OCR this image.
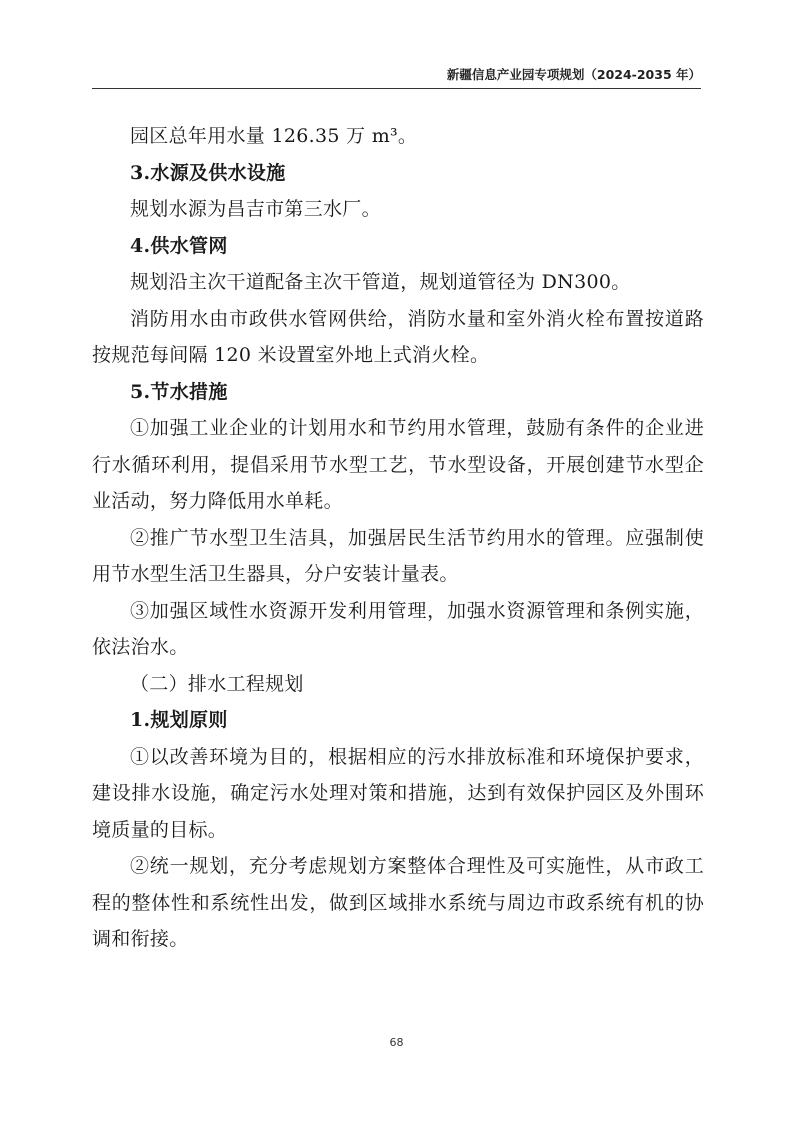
新疆信息产业园专项规划（2024-2035 年）

园区总年用水量 126.35 万 m³。

3.水源及供水设施

规划水源为昌吉市第三水厂。

4.供水管网

规划沿主次干道配备主次干管道，规划道管径为 DN300。

消防用水由市政供水管网供给，消防水量和室外消火栓布置按道路按规范每间隔 120 米设置室外地上式消火栓。

5.节水措施

①加强工业企业的计划用水和节约用水管理，鼓励有条件的企业进行水循环利用，提倡采用节水型工艺，节水型设备，开展创建节水型企业活动，努力降低用水单耗。

②推广节水型卫生洁具，加强居民生活节约用水的管理。应强制使用节水型生活卫生器具，分户安装计量表。

③加强区域性水资源开发利用管理，加强水资源管理和条例实施，依法治水。

（二）排水工程规划

1.规划原则

①以改善环境为目的，根据相应的污水排放标准和环境保护要求，建设排水设施，确定污水处理对策和措施，达到有效保护园区及外围环境质量的目标。

②统一规划，充分考虑规划方案整体合理性及可实施性，从市政工程的整体性和系统性出发，做到区域排水系统与周边市政系统有机的协调和衔接。

68
